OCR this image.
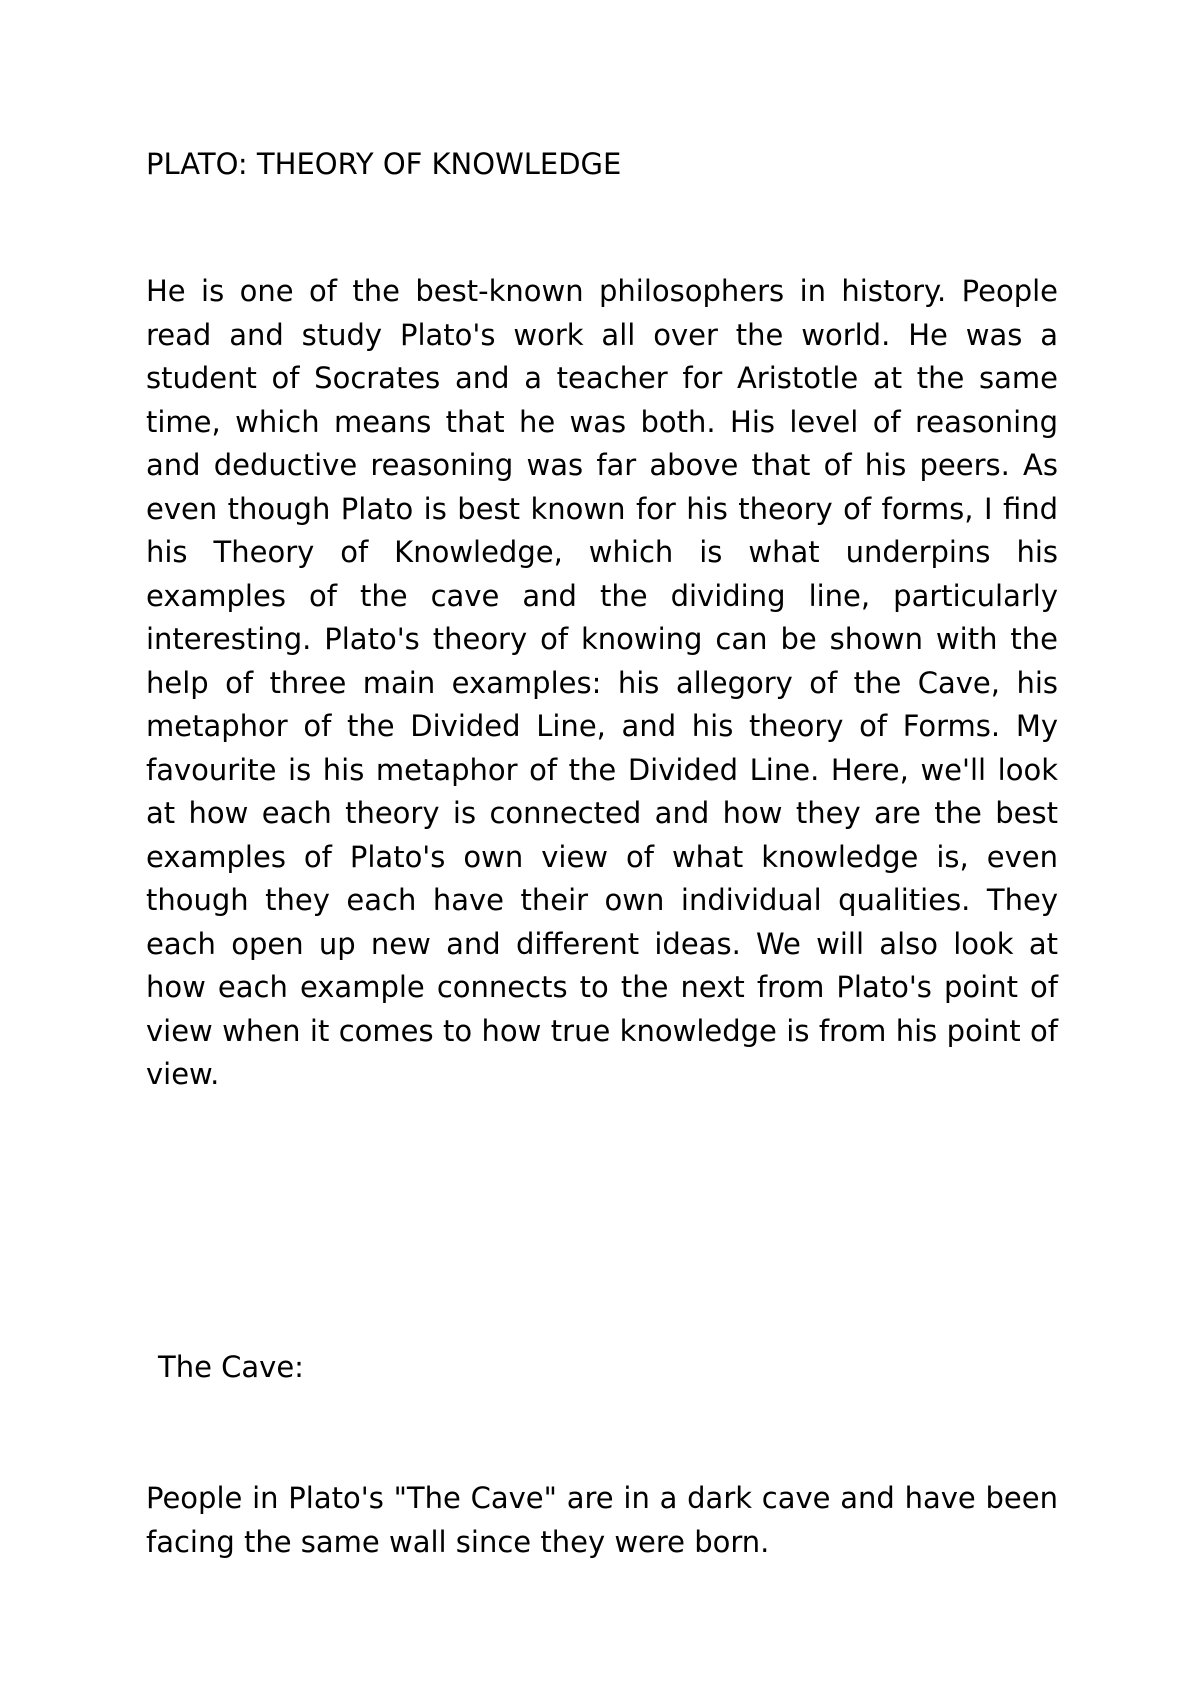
PLATO: THEORY OF KNOWLEDGE

He is one of the best-known philosophers in history. People read and study Plato's work all over the world. He was a student of Socrates and a teacher for Aristotle at the same time, which means that he was both. His level of reasoning and deductive reasoning was far above that of his peers. As even though Plato is best known for his theory of forms, I find his Theory of Knowledge, which is what underpins his examples of the cave and the dividing line, particularly interesting. Plato's theory of knowing can be shown with the help of three main examples: his allegory of the Cave, his metaphor of the Divided Line, and his theory of Forms. My favourite is his metaphor of the Divided Line. Here, we'll look at how each theory is connected and how they are the best examples of Plato's own view of what knowledge is, even though they each have their own individual qualities. They each open up new and different ideas. We will also look at how each example connects to the next from Plato's point of view when it comes to how true knowledge is from his point of view.

The Cave:

People in Plato's "The Cave" are in a dark cave and have been facing the same wall since they were born.
